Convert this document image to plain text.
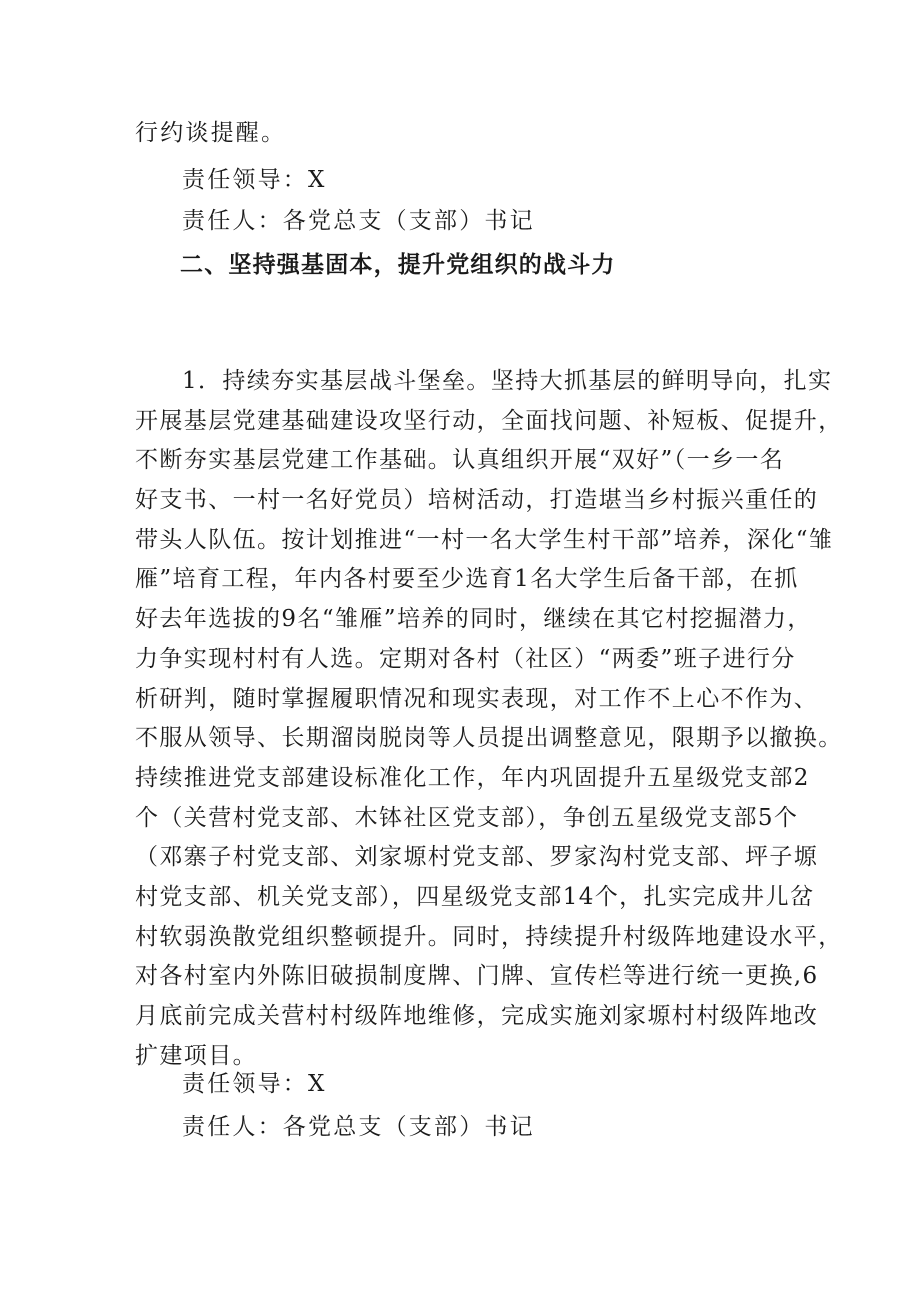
行约谈提醒。
责任领导：X
责任人：各党总支（支部）书记
二、坚持强基固本，提升党组织的战斗力
1．持续夯实基层战斗堡垒。坚持大抓基层的鲜明导向，扎实
开展基层党建基础建设攻坚行动，全面找问题、补短板、促提升，
不断夯实基层党建工作基础。认真组织开展“双好”（一乡一名
好支书、一村一名好党员）培树活动，打造堪当乡村振兴重任的
带头人队伍。按计划推进“一村一名大学生村干部”培养，深化“雏
雁”培育工程，年内各村要至少选育1名大学生后备干部，在抓
好去年选拔的9名“雏雁”培养的同时，继续在其它村挖掘潜力，
力争实现村村有人选。定期对各村（社区）“两委”班子进行分
析研判，随时掌握履职情况和现实表现，对工作不上心不作为、
不服从领导、长期溜岗脱岗等人员提出调整意见，限期予以撤换。
持续推进党支部建设标准化工作，年内巩固提升五星级党支部2
个（关营村党支部、木钵社区党支部），争创五星级党支部5个
（邓寨子村党支部、刘家塬村党支部、罗家沟村党支部、坪子塬
村党支部、机关党支部），四星级党支部14个，扎实完成井儿岔
村软弱涣散党组织整顿提升。同时，持续提升村级阵地建设水平，
对各村室内外陈旧破损制度牌、门牌、宣传栏等进行统一更换,6
月底前完成关营村村级阵地维修，完成实施刘家塬村村级阵地改
扩建项目。
责任领导：X
责任人：各党总支（支部）书记
